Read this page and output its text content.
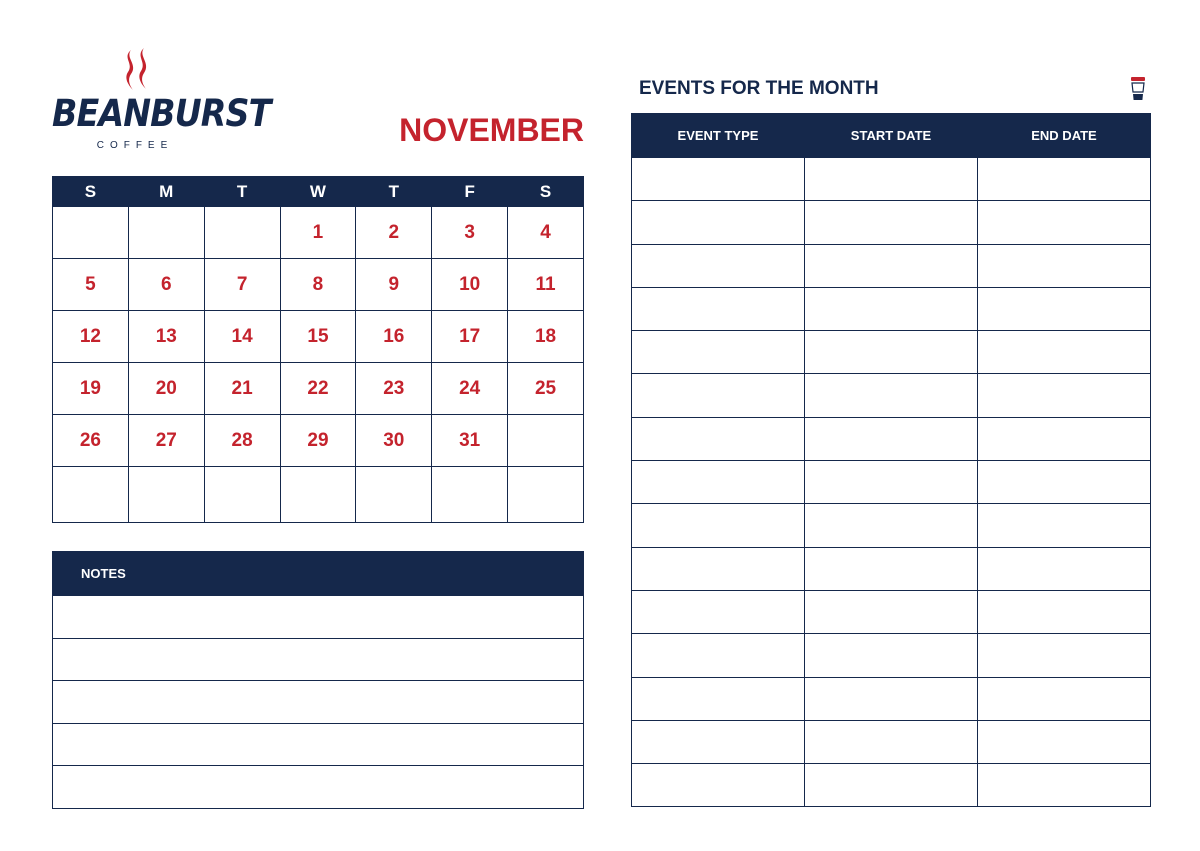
BEANBURST
COFFEE	NOVEMBER
S	M	T	W	T	F	S
			1	2	3	4
5	6	7	8	9	10	11
12	13	14	15	16	17	18
19	20	21	22	23	24	25
26	27	28	29	30	31	

NOTES

EVENTS FOR THE MONTH
EVENT TYPE	START DATE	END DATE
